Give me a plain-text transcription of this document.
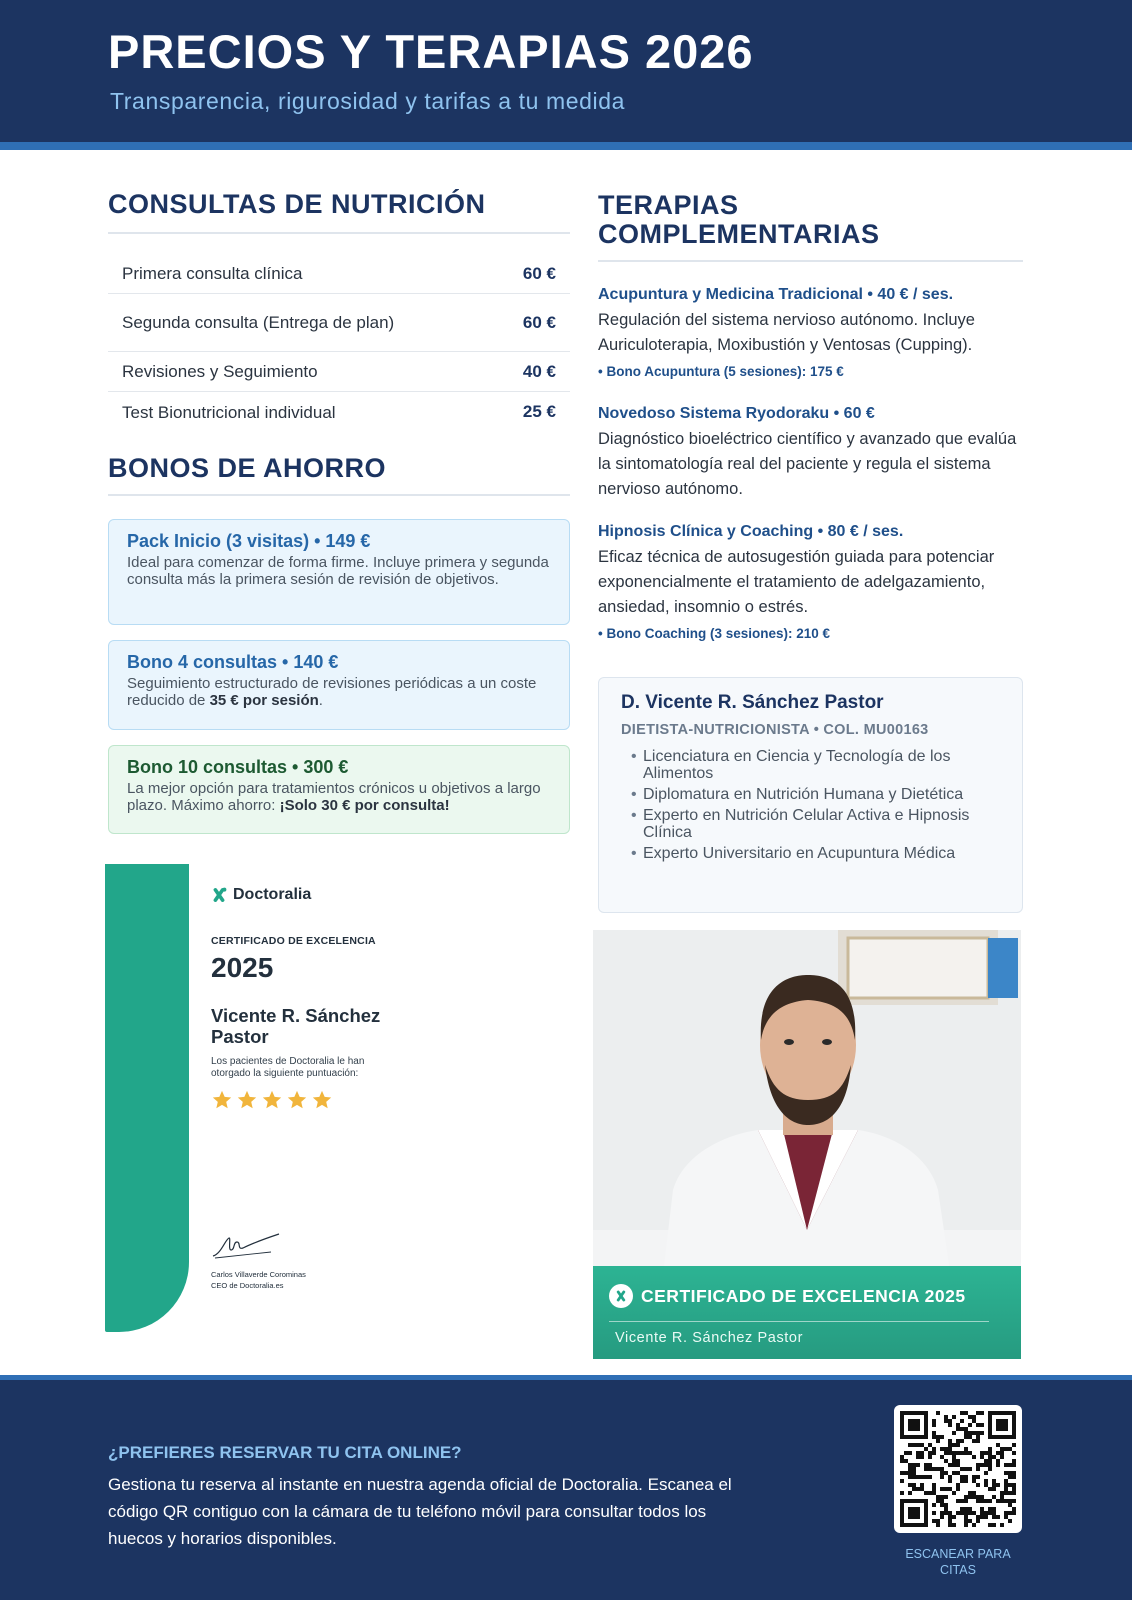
PRECIOS Y TERAPIAS 2026
Transparencia, rigurosidad y tarifas a tu medida
CONSULTAS DE NUTRICIÓN
Primera consulta clínica	60 €
Segunda consulta (Entrega de plan)	60 €
Revisiones y Seguimiento	40 €
Test Bionutricional individual	25 €
BONOS DE AHORRO
Pack Inicio (3 visitas) • 149 €
Ideal para comenzar de forma firme. Incluye primera y segunda consulta más la primera sesión de revisión de objetivos.
Bono 4 consultas • 140 €
Seguimiento estructurado de revisiones periódicas a un coste reducido de 35 € por sesión.
Bono 10 consultas • 300 €
La mejor opción para tratamientos crónicos u objetivos a largo plazo. Máximo ahorro: ¡Solo 30 € por consulta!
TERAPIAS COMPLEMENTARIAS
Acupuntura y Medicina Tradicional • 40 € / ses.
Regulación del sistema nervioso autónomo. Incluye Auriculoterapia, Moxibustión y Ventosas (Cupping).
• Bono Acupuntura (5 sesiones): 175 €
Novedoso Sistema Ryodoraku • 60 €
Diagnóstico bioeléctrico científico y avanzado que evalúa la sintomatología real del paciente y regula el sistema nervioso autónomo.
Hipnosis Clínica y Coaching • 80 € / ses.
Eficaz técnica de autosugestión guiada para potenciar exponencialmente el tratamiento de adelgazamiento, ansiedad, insomnio o estrés.
• Bono Coaching (3 sesiones): 210 €
D. Vicente R. Sánchez Pastor
DIETISTA-NUTRICIONISTA • COL. MU00163
• Licenciatura en Ciencia y Tecnología de los Alimentos
• Diplomatura en Nutrición Humana y Dietética
• Experto en Nutrición Celular Activa e Hipnosis Clínica
• Experto Universitario en Acupuntura Médica
Doctoralia
CERTIFICADO DE EXCELENCIA
2025
Vicente R. Sánchez Pastor
Los pacientes de Doctoralia le han otorgado la siguiente puntuación:
Carlos Villaverde Corominas
CEO de Doctoralia.es	CERTIFICADO DE EXCELENCIA 2025
Vicente R. Sánchez Pastor
¿PREFIERES RESERVAR TU CITA ONLINE?
Gestiona tu reserva al instante en nuestra agenda oficial de Doctoralia. Escanea el código QR contiguo con la cámara de tu teléfono móvil para consultar todos los huecos y horarios disponibles.
ESCANEAR PARA CITAS
